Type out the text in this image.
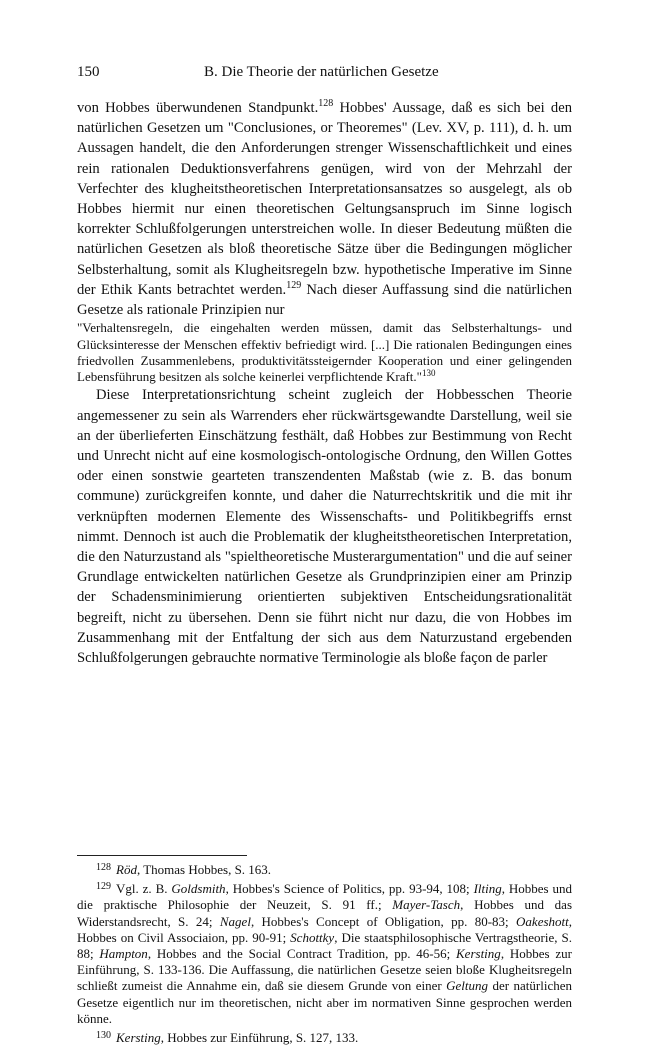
150	B. Die Theorie der natürlichen Gesetze

von Hobbes überwundenen Standpunkt.$^{128}$ Hobbes' Aussage, daß es sich bei den natürlichen Gesetzen um "Conclusiones, or Theoremes" (Lev. XV, p. 111), d. h. um Aussagen handelt, die den Anforderungen strenger Wissenschaftlichkeit und eines rein rationalen Deduktionsverfahrens genügen, wird von der Mehrzahl der Verfechter des klugheitstheoretischen Interpretationsansatzes so ausgelegt, als ob Hobbes hiermit nur einen theoretischen Geltungsanspruch im Sinne logisch korrekter Schlußfolgerungen unterstreichen wolle. In dieser Bedeutung müßten die natürlichen Gesetzen als bloß theoretische Sätze über die Bedingungen möglicher Selbsterhaltung, somit als Klugheitsregeln bzw. hypothetische Imperative im Sinne der Ethik Kants betrachtet werden.$^{129}$ Nach dieser Auffassung sind die natürlichen Gesetze als rationale Prinzipien nur

"Verhaltensregeln, die eingehalten werden müssen, damit das Selbsterhaltungs- und Glücksinteresse der Menschen effektiv befriedigt wird. [...] Die rationalen Bedingungen eines friedvollen Zusammenlebens, produktivitätssteigernder Kooperation und einer gelingenden Lebensführung besitzen als solche keinerlei verpflichtende Kraft."$^{130}$

Diese Interpretationsrichtung scheint zugleich der Hobbesschen Theorie angemessener zu sein als Warrenders eher rückwärtsgewandte Darstellung, weil sie an der überlieferten Einschätzung festhält, daß Hobbes zur Bestimmung von Recht und Unrecht nicht auf eine kosmologisch-ontologische Ordnung, den Willen Gottes oder einen sonstwie gearteten transzendenten Maßstab (wie z. B. das bonum commune) zurückgreifen konnte, und daher die Naturrechtskritik und die mit ihr verknüpften modernen Elemente des Wissenschafts- und Politikbegriffs ernst nimmt. Dennoch ist auch die Problematik der klugheitstheoretischen Interpretation, die den Naturzustand als "spieltheoretische Musterargumentation" und die auf seiner Grundlage entwickelten natürlichen Gesetze als Grundprinzipien einer am Prinzip der Schadensminimierung orientierten subjektiven Entscheidungsrationalität begreift, nicht zu übersehen. Denn sie führt nicht nur dazu, die von Hobbes im Zusammenhang mit der Entfaltung der sich aus dem Naturzustand ergebenden Schlußfolgerungen gebrauchte normative Terminologie als bloße façon de parler

$^{128}$ Röd, Thomas Hobbes, S. 163.

$^{129}$ Vgl. z. B. Goldsmith, Hobbes's Science of Politics, pp. 93-94, 108; Ilting, Hobbes und die praktische Philosophie der Neuzeit, S. 91 ff.; Mayer-Tasch, Hobbes und das Widerstandsrecht, S. 24; Nagel, Hobbes's Concept of Obligation, pp. 80-83; Oakeshott, Hobbes on Civil Associaion, pp. 90-91; Schottky, Die staatsphilosophische Vertragstheorie, S. 88; Hampton, Hobbes and the Social Contract Tradition, pp. 46-56; Kersting, Hobbes zur Einführung, S. 133-136. Die Auffassung, die natürlichen Gesetze seien bloße Klugheitsregeln schließt zumeist die Annahme ein, daß sie diesem Grunde von einer Geltung der natürlichen Gesetze eigentlich nur im theoretischen, nicht aber im normativen Sinne gesprochen werden könne.

$^{130}$ Kersting, Hobbes zur Einführung, S. 127, 133.
